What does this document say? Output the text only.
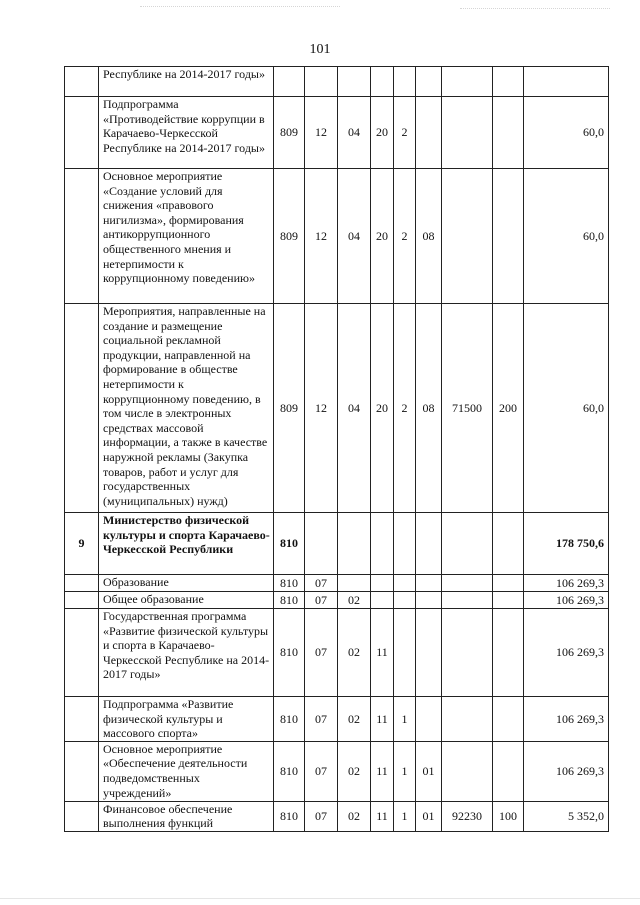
101
	Республике на 2014-2017 годы»									
	Подпрограмма «Противодействие коррупции в Карачаево-Черкесской Республике на 2014-2017 годы»	809	12	04	20	2				60,0
	Основное мероприятие «Создание условий для снижения «правового нигилизма», формирования антикоррупционного общественного мнения и нетерпимости к коррупционному поведению»	809	12	04	20	2	08			60,0
	Мероприятия, направленные на создание и размещение социальной рекламной продукции, направленной на формирование в обществе нетерпимости к коррупционному поведению, в том числе в электронных средствах массовой информации, а также в качестве наружной рекламы (Закупка товаров, работ и услуг для государственных (муниципальных) нужд)	809	12	04	20	2	08	71500	200	60,0
9	Министерство физической культуры и спорта Карачаево-Черкесской Республики	810								178 750,6
	Образование	810	07							106 269,3
	Общее образование	810	07	02						106 269,3
	Государственная программа «Развитие физической культуры и спорта в Карачаево-Черкесской Республике на 2014-2017 годы»	810	07	02	11					106 269,3
	Подпрограмма «Развитие физической культуры и массового спорта»	810	07	02	11	1				106 269,3
	Основное мероприятие «Обеспечение деятельности подведомственных учреждений»	810	07	02	11	1	01			106 269,3
	Финансовое обеспечение выполнения функций	810	07	02	11	1	01	92230	100	5 352,0
